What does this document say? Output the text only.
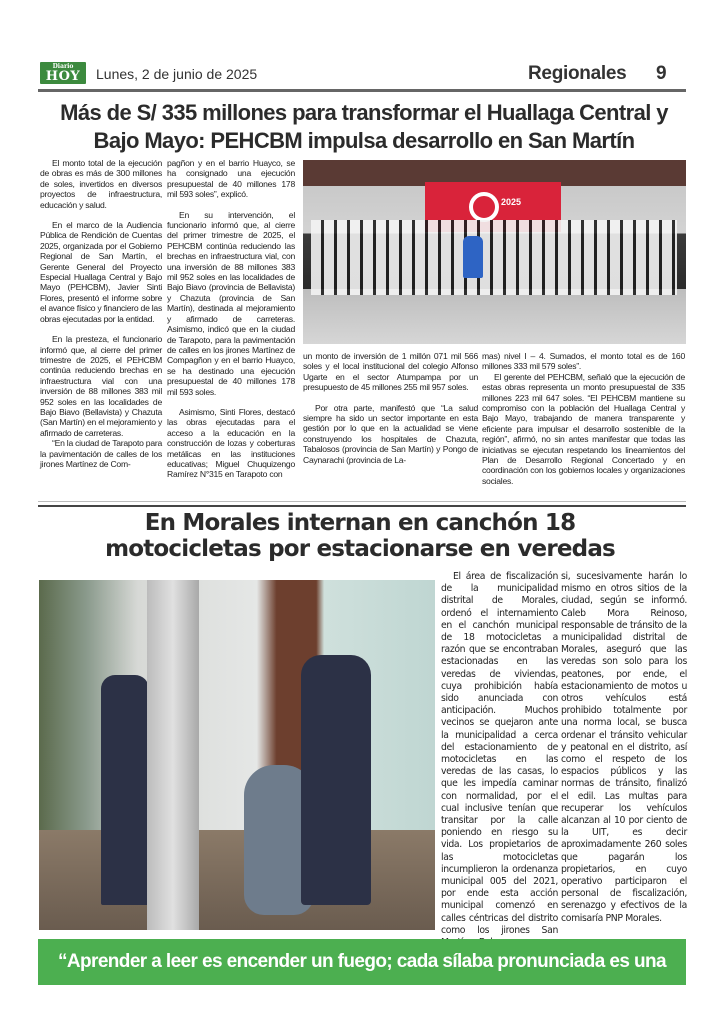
Diario
HOY	Lunes, 2 de junio de 2025	Regionales 9
Más de S/ 335 millones para transformar el Huallaga Central y
Bajo Mayo: PEHCBM impulsa desarrollo en San Martín

El monto total de la ejecución de obras es más de 300 millones de soles, invertidos en diversos proyectos de infraestructura, educación y salud.

En el marco de la Audiencia Pública de Rendición de Cuentas 2025, organizada por el Gobierno Regional de San Martín, el Gerente General del Proyecto Especial Huallaga Central y Bajo Mayo (PEHCBM), Javier Sinti Flores, presentó el informe sobre el avance físico y financiero de las obras ejecutadas por la entidad.

En la presteza, el funcionario informó que, al cierre del primer trimestre de 2025, el PEHCBM continúa reduciendo brechas en infraestructura vial con una inversión de 88 millones 383 mil 952 soles en las localidades de Bajo Biavo (Bellavista) y Chazuta (San Martín) en el mejoramiento y afirmado de carreteras.

“En la ciudad de Tarapoto para la pavimentación de calles de los jirones Martínez de Com-

pagñon y en el barrio Huayco, se ha consignado una ejecución presupuestal de 40 millones 178 mil 593 soles”, explicó.

En su intervención, el funcionario informó que, al cierre del primer trimestre de 2025, el PEHCBM continúa reduciendo las brechas en infraestructura vial, con una inversión de 88 millones 383 mil 952 soles en las localidades de Bajo Biavo (provincia de Bellavista) y Chazuta (provincia de San Martín), destinada al mejoramiento y afirmado de carreteras. Asimismo, indicó que en la ciudad de Tarapoto, para la pavimentación de calles en los jirones Martínez de Compagñon y en el barrio Huayco, se ha destinado una ejecución presupuestal de 40 millones 178 mil 593 soles.

Asimismo, Sinti Flores, destacó las obras ejecutadas para el acceso a la educación en la construcción de lozas y coberturas metálicas en las instituciones educativas; Miguel Chuquizengo Ramírez N°315 en Tarapoto con

2025

un monto de inversión de 1 millón 071 mil 566 soles y el local institucional del colegio Alfonso Ugarte en el sector Atumpampa por un presupuesto de 45 millones 255 mil 957 soles.

Por otra parte, manifestó que “La salud siempre ha sido un sector importante en esta gestión por lo que en la actualidad se viene construyendo los hospitales de Chazuta, Tabalosos (provincia de San Martín) y Pongo de Caynarachi (provincia de La-

mas) nivel I – 4. Sumados, el monto total es de 160 millones 333 mil 579 soles”.

El gerente del PEHCBM, señaló que la ejecución de estas obras representa un monto presupuestal de 335 millones 223 mil 647 soles. “El PEHCBM mantiene su compromiso con la población del Huallaga Central y Bajo Mayo, trabajando de manera transparente y eficiente para impulsar el desarrollo sostenible de la región”, afirmó, no sin antes manifestar que todas las iniciativas se ejecutan respetando los lineamientos del Plan de Desarrollo Regional Concertado y en coordinación con los gobiernos locales y organizaciones sociales.

En Morales internan en canchón 18
motocicletas por estacionarse en veredas

El área de fiscalización de la municipalidad distrital de Morales, ordenó el internamiento en el canchón municipal de 18 motocicletas a razón que se encontraban estacionadas en las veredas de viviendas, cuya prohibición había sido anunciada con anticipación. Muchos vecinos se quejaron ante la municipalidad a cerca del estacionamiento de motocicletas en las veredas de las casas, lo que les impedía caminar con normalidad, por el cual inclusive tenían que transitar por la calle poniendo en riesgo su vida. Los propietarios de las motocicletas incumplieron la ordenanza municipal 005 del 2021, por ende esta acción municipal comenzó en calles céntricas del distrito como los jirones San

si, sucesivamente harán lo mismo en otros sitios de la ciudad, según se informó. Caleb Mora Reinoso, responsable de tránsito de la municipalidad distrital de Morales, aseguró que las veredas son solo para los peatones, por ende, el estacionamiento de motos u otros vehículos está prohibido totalmente por una norma local, se busca ordenar el tránsito vehicular y peatonal en el distrito, así como el respeto de los espacios públicos y las normas de tránsito, finalizó el edil. Las multas para recuperar los vehículos alcanzan al 10 por ciento de la UIT, es decir aproximadamente 260 soles que pagarán los propietarios, en cuyo operativo participaron el personal de fiscalización, serenazgo y efectivos de la comisaría PNP Morales.

“Aprender a leer es encender un fuego; cada sílaba pronunciada es una chispa”.
